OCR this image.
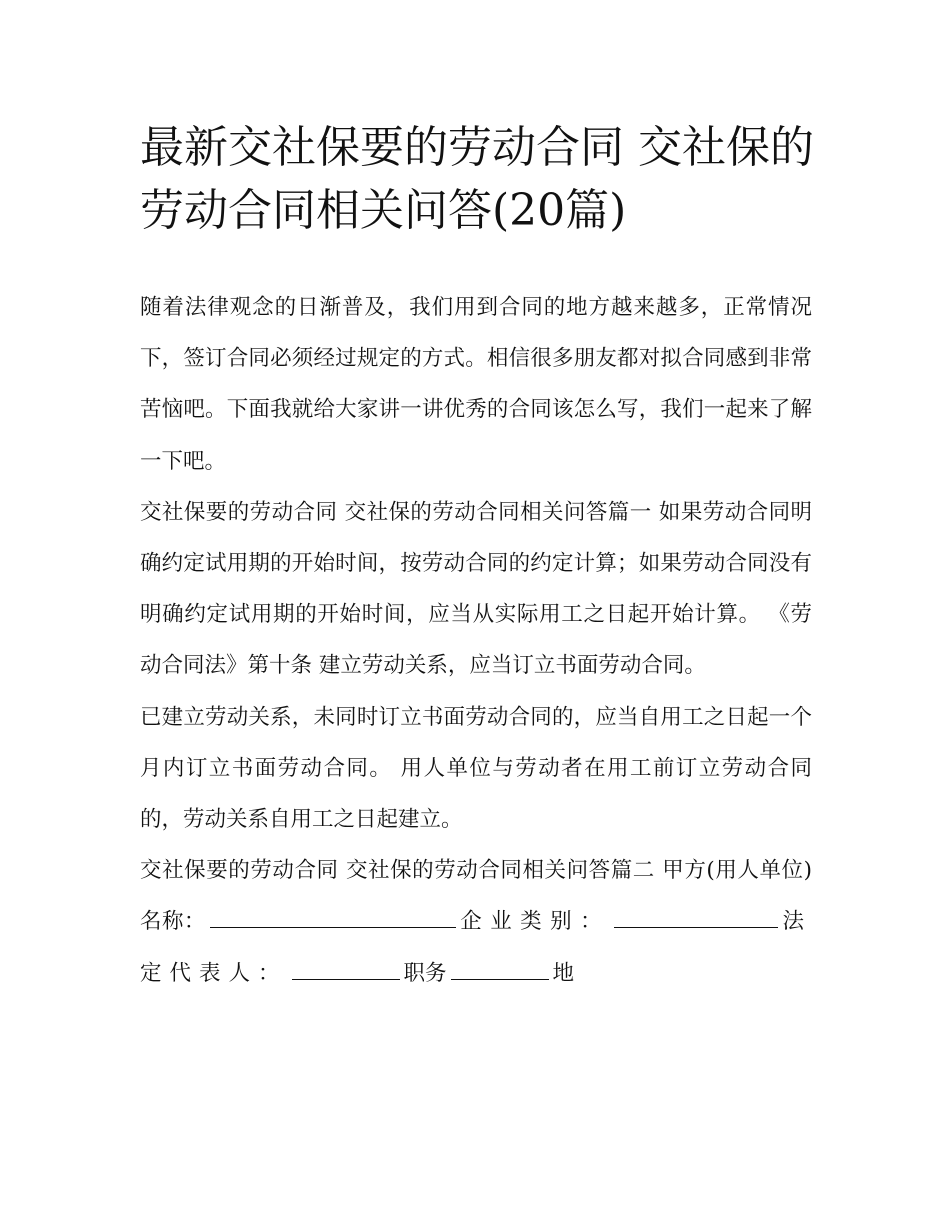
最新交社保要的劳动合同 交社保的劳动合同相关问答(20篇)

随着法律观念的日渐普及，我们用到合同的地方越来越多，正常情况下，签订合同必须经过规定的方式。相信很多朋友都对拟合同感到非常苦恼吧。下面我就给大家讲一讲优秀的合同该怎么写，我们一起来了解一下吧。

交社保要的劳动合同 交社保的劳动合同相关问答篇一 如果劳动合同明确约定试用期的开始时间，按劳动合同的约定计算；如果劳动合同没有明确约定试用期的开始时间，应当从实际用工之日起开始计算。 《劳动合同法》第十条 建立劳动关系，应当订立书面劳动合同。

已建立劳动关系，未同时订立书面劳动合同的，应当自用工之日起一个月内订立书面劳动合同。 用人单位与劳动者在用工前订立劳动合同的，劳动关系自用工之日起建立。

交社保要的劳动合同 交社保的劳动合同相关问答篇二 甲方(用人单位)名称：	企业类别：	法定代表人：	职务	地
